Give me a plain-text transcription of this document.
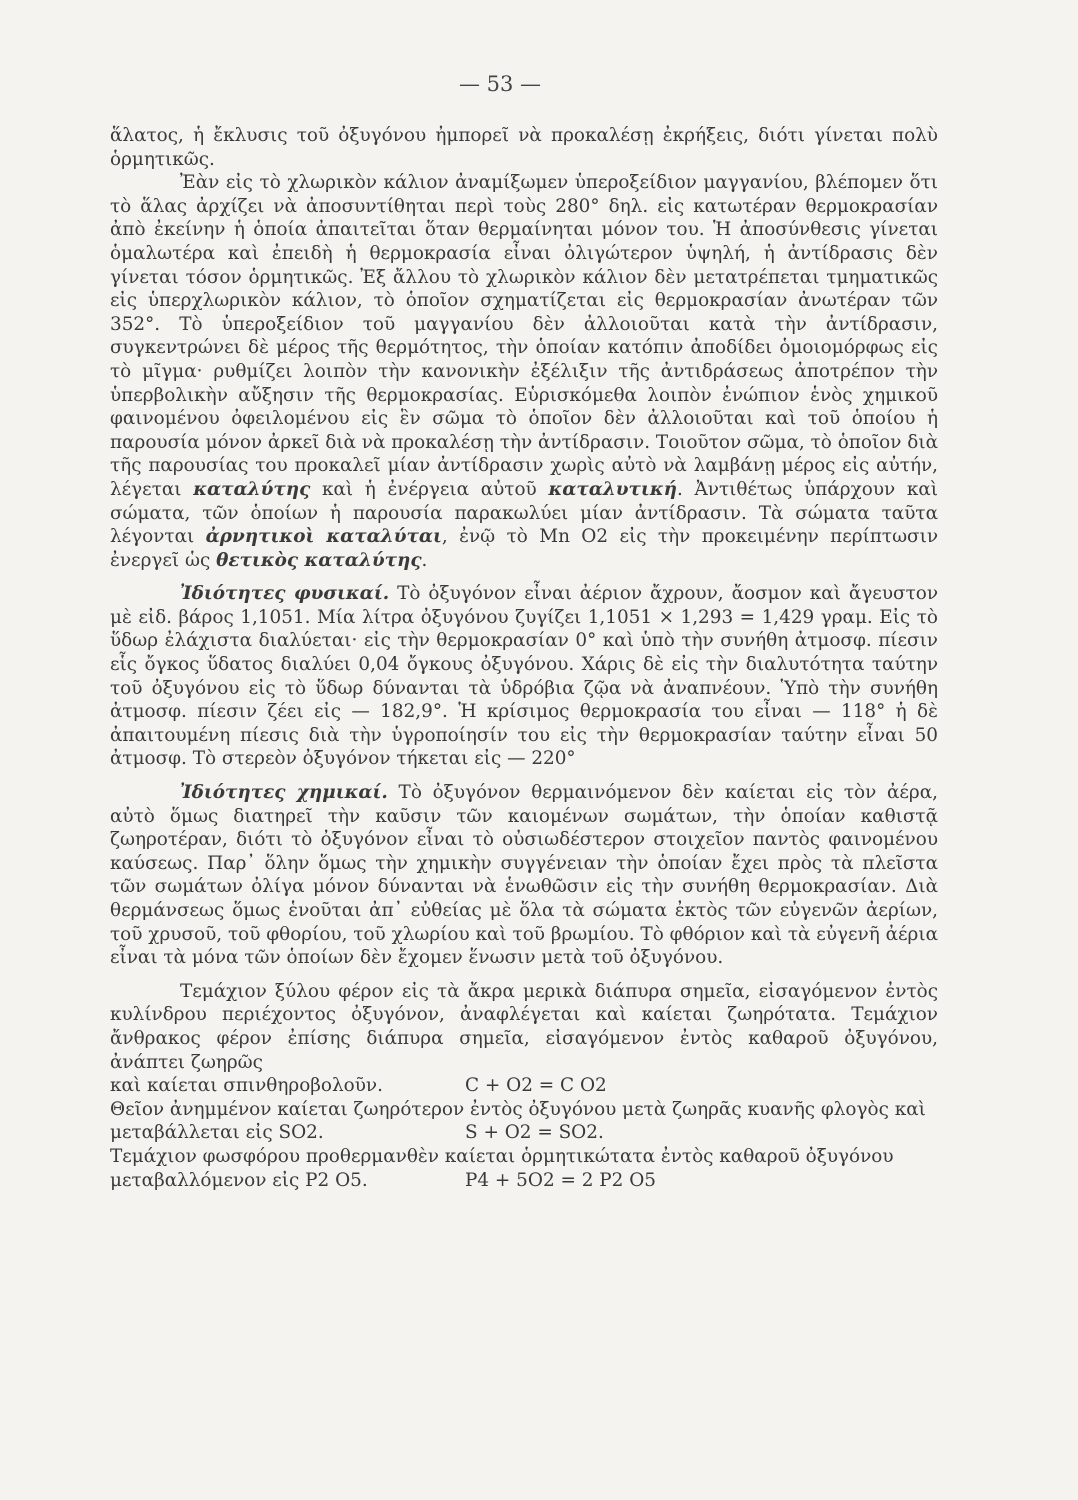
— 53 —

ἅλατος, ἡ ἔκλυσις τοῦ ὀξυγόνου ἠμπορεῖ νὰ προκαλέσῃ ἐκρήξεις, διότι γίνεται πολὺ ὁρμητικῶς.

Ἐὰν εἰς τὸ χλωρικὸν κάλιον ἀναμίξωμεν ὑπεροξείδιον μαγγανίου, βλέπομεν ὅτι τὸ ἅλας ἀρχίζει νὰ ἀποσυντίθηται περὶ τοὺς 280° δηλ. εἰς κατωτέραν θερμοκρασίαν ἀπὸ ἐκείνην ἡ ὁποία ἀπαιτεῖται ὅταν θερμαίνηται μόνον του. Ἡ ἀποσύνθεσις γίνεται ὁμαλωτέρα καὶ ἐπειδὴ ἡ θερμοκρασία εἶναι ὀλιγώτερον ὑψηλή, ἡ ἀντίδρασις δὲν γίνεται τόσον ὁρμητικῶς. Ἐξ ἄλλου τὸ χλωρικὸν κάλιον δὲν μετατρέπεται τμηματικῶς εἰς ὑπερχλωρικὸν κάλιον, τὸ ὁποῖον σχηματίζεται εἰς θερμοκρασίαν ἀνωτέραν τῶν 352°. Τὸ ὑπεροξείδιον τοῦ μαγγανίου δὲν ἀλλοιοῦται κατὰ τὴν ἀντίδρασιν, συγκεντρώνει δὲ μέρος τῆς θερμότητος, τὴν ὁποίαν κατόπιν ἀποδίδει ὁμοιομόρφως εἰς τὸ μῖγμα· ρυθμίζει λοιπὸν τὴν κανονικὴν ἐξέλιξιν τῆς ἀντιδράσεως ἀποτρέπον τὴν ὑπερβολικὴν αὔξησιν τῆς θερμοκρασίας. Εὑρισκόμεθα λοιπὸν ἐνώπιον ἑνὸς χημικοῦ φαινομένου ὀφειλομένου εἰς ἓν σῶμα τὸ ὁποῖον δὲν ἀλλοιοῦται καὶ τοῦ ὁποίου ἡ παρουσία μόνον ἀρκεῖ διὰ νὰ προκαλέσῃ τὴν ἀντίδρασιν. Τοιοῦτον σῶμα, τὸ ὁποῖον διὰ τῆς παρουσίας του προκαλεῖ μίαν ἀντίδρασιν χωρὶς αὐτὸ νὰ λαμβάνῃ μέρος εἰς αὐτήν, λέγεται καταλύτης καὶ ἡ ἐνέργεια αὐτοῦ καταλυτική. Ἀντιθέτως ὑπάρχουν καὶ σώματα, τῶν ὁποίων ἡ παρουσία παρακωλύει μίαν ἀντίδρασιν. Τὰ σώματα ταῦτα λέγονται ἀρνητικοὶ καταλύται, ἐνῷ τὸ Mn O2 εἰς τὴν προκειμένην περίπτωσιν ἐνεργεῖ ὡς θετικὸς καταλύτης.

Ἰδιότητες φυσικαί. Τὸ ὀξυγόνον εἶναι ἀέριον ἄχρουν, ἄοσμον καὶ ἄγευστον μὲ εἰδ. βάρος 1,1051. Μία λίτρα ὀξυγόνου ζυγίζει 1,1051 × 1,293 = 1,429 γραμ. Εἰς τὸ ὕδωρ ἐλάχιστα διαλύεται· εἰς τὴν θερμοκρασίαν 0° καὶ ὑπὸ τὴν συνήθη ἀτμοσφ. πίεσιν εἷς ὄγκος ὕδατος διαλύει 0,04 ὄγκους ὀξυγόνου. Χάρις δὲ εἰς τὴν διαλυτότητα ταύτην τοῦ ὀξυγόνου εἰς τὸ ὕδωρ δύνανται τὰ ὑδρόβια ζῷα νὰ ἀναπνέουν. Ὑπὸ τὴν συνήθη ἀτμοσφ. πίεσιν ζέει εἰς — 182,9°. Ἡ κρίσιμος θερμοκρασία του εἶναι — 118° ἡ δὲ ἀπαιτουμένη πίεσις διὰ τὴν ὑγροποίησίν του εἰς τὴν θερμοκρασίαν ταύτην εἶναι 50 ἀτμοσφ. Τὸ στερεὸν ὀξυγόνον τήκεται εἰς — 220°

Ἰδιότητες χημικαί. Τὸ ὀξυγόνον θερμαινόμενον δὲν καίεται εἰς τὸν ἀέρα, αὐτὸ ὅμως διατηρεῖ τὴν καῦσιν τῶν καιομένων σωμάτων, τὴν ὁποίαν καθιστᾷ ζωηροτέραν, διότι τὸ ὀξυγόνον εἶναι τὸ οὐσιωδέστερον στοιχεῖον παντὸς φαινομένου καύσεως. Παρ᾿ ὅλην ὅμως τὴν χημικὴν συγγένειαν τὴν ὁποίαν ἔχει πρὸς τὰ πλεῖστα τῶν σωμάτων ὀλίγα μόνον δύνανται νὰ ἑνωθῶσιν εἰς τὴν συνήθη θερμοκρασίαν. Διὰ θερμάνσεως ὅμως ἑνοῦται ἀπ᾿ εὐθείας μὲ ὅλα τὰ σώματα ἐκτὸς τῶν εὐγενῶν ἀερίων, τοῦ χρυσοῦ, τοῦ φθορίου, τοῦ χλωρίου καὶ τοῦ βρωμίου. Τὸ φθόριον καὶ τὰ εὐγενῆ ἀέρια εἶναι τὰ μόνα τῶν ὁποίων δὲν ἔχομεν ἕνωσιν μετὰ τοῦ ὀξυγόνου.

Τεμάχιον ξύλου φέρον εἰς τὰ ἄκρα μερικὰ διάπυρα σημεῖα, εἰσαγόμενον ἐντὸς κυλίνδρου περιέχοντος ὀξυγόνον, ἀναφλέγεται καὶ καίεται ζωηρότατα. Τεμάχιον ἄνθρακος φέρον ἐπίσης διάπυρα σημεῖα, εἰσαγόμενον ἐντὸς καθαροῦ ὀξυγόνου, ἀνάπτει ζωηρῶς

καὶ καίεται σπινθηροβολοῦν.	C + O2 = C O2

Θεῖον ἀνημμένον καίεται ζωηρότερον ἐντὸς ὀξυγόνου μετὰ ζωηρᾶς κυανῆς φλογὸς καὶ

μεταβάλλεται εἰς SO2.	S + O2 = SO2.

Τεμάχιον φωσφόρου προθερμανθὲν καίεται ὁρμητικώτατα ἐντὸς καθαροῦ ὀξυγόνου

μεταβαλλόμενον εἰς P2 O5.	P4 + 5O2 = 2 P2 O5
